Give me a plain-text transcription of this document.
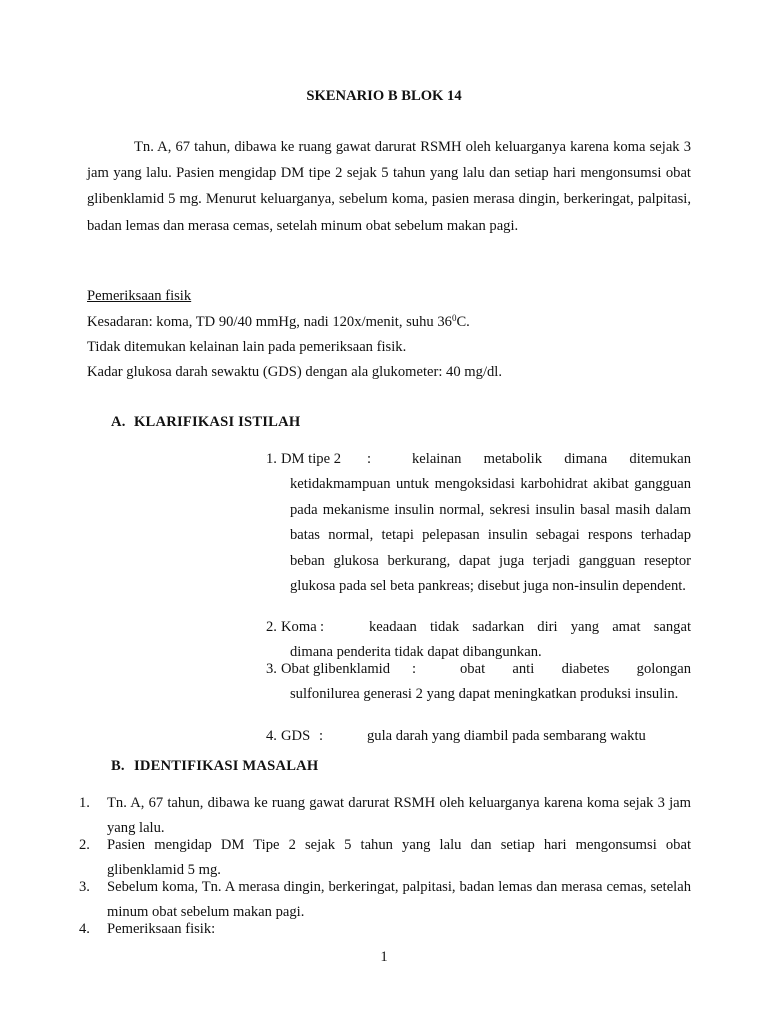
SKENARIO B BLOK 14
Tn. A, 67 tahun, dibawa ke ruang gawat darurat RSMH oleh keluarganya karena koma sejak 3 jam yang lalu. Pasien mengidap DM tipe 2 sejak 5 tahun yang lalu dan setiap hari mengonsumsi obat glibenklamid 5 mg. Menurut keluarganya, sebelum koma, pasien merasa dingin, berkeringat, palpitasi, badan lemas dan merasa cemas, setelah minum obat sebelum makan pagi.
Pemeriksaan fisik
Kesadaran: koma, TD 90/40 mmHg, nadi 120x/menit, suhu $36^0C$.
Tidak ditemukan kelainan lain pada pemeriksaan fisik.
Kadar glukosa darah sewaktu (GDS) dengan ala glukometer: 40 mg/dl.
A. KLARIFIKASI ISTILAH
1. DM tipe 2 :	kelainan metabolik dimana ditemukan
ketidakmampuan untuk mengoksidasi karbohidrat akibat gangguan pada mekanisme insulin normal, sekresi insulin basal masih dalam batas normal, tetapi pelepasan insulin sebagai respons terhadap beban glukosa berkurang, dapat juga terjadi gangguan reseptor glukosa pada sel beta pankreas; disebut juga non-insulin dependent.
2. Koma :	keadaan tidak sadarkan diri yang amat sangat
dimana penderita tidak dapat dibangunkan.
3. Obat glibenklamid :	obat anti diabetes golongan
sulfonilurea generasi 2 yang dapat meningkatkan produksi insulin.
4. GDS :	gula darah yang diambil pada sembarang waktu
B. IDENTIFIKASI MASALAH
1. Tn. A, 67 tahun, dibawa ke ruang gawat darurat RSMH oleh keluarganya karena koma sejak 3 jam yang lalu.
2. Pasien mengidap DM Tipe 2 sejak 5 tahun yang lalu dan setiap hari mengonsumsi obat glibenklamid 5 mg.
3. Sebelum koma, Tn. A merasa dingin, berkeringat, palpitasi, badan lemas dan merasa cemas, setelah minum obat sebelum makan pagi.
4. Pemeriksaan fisik:
1
